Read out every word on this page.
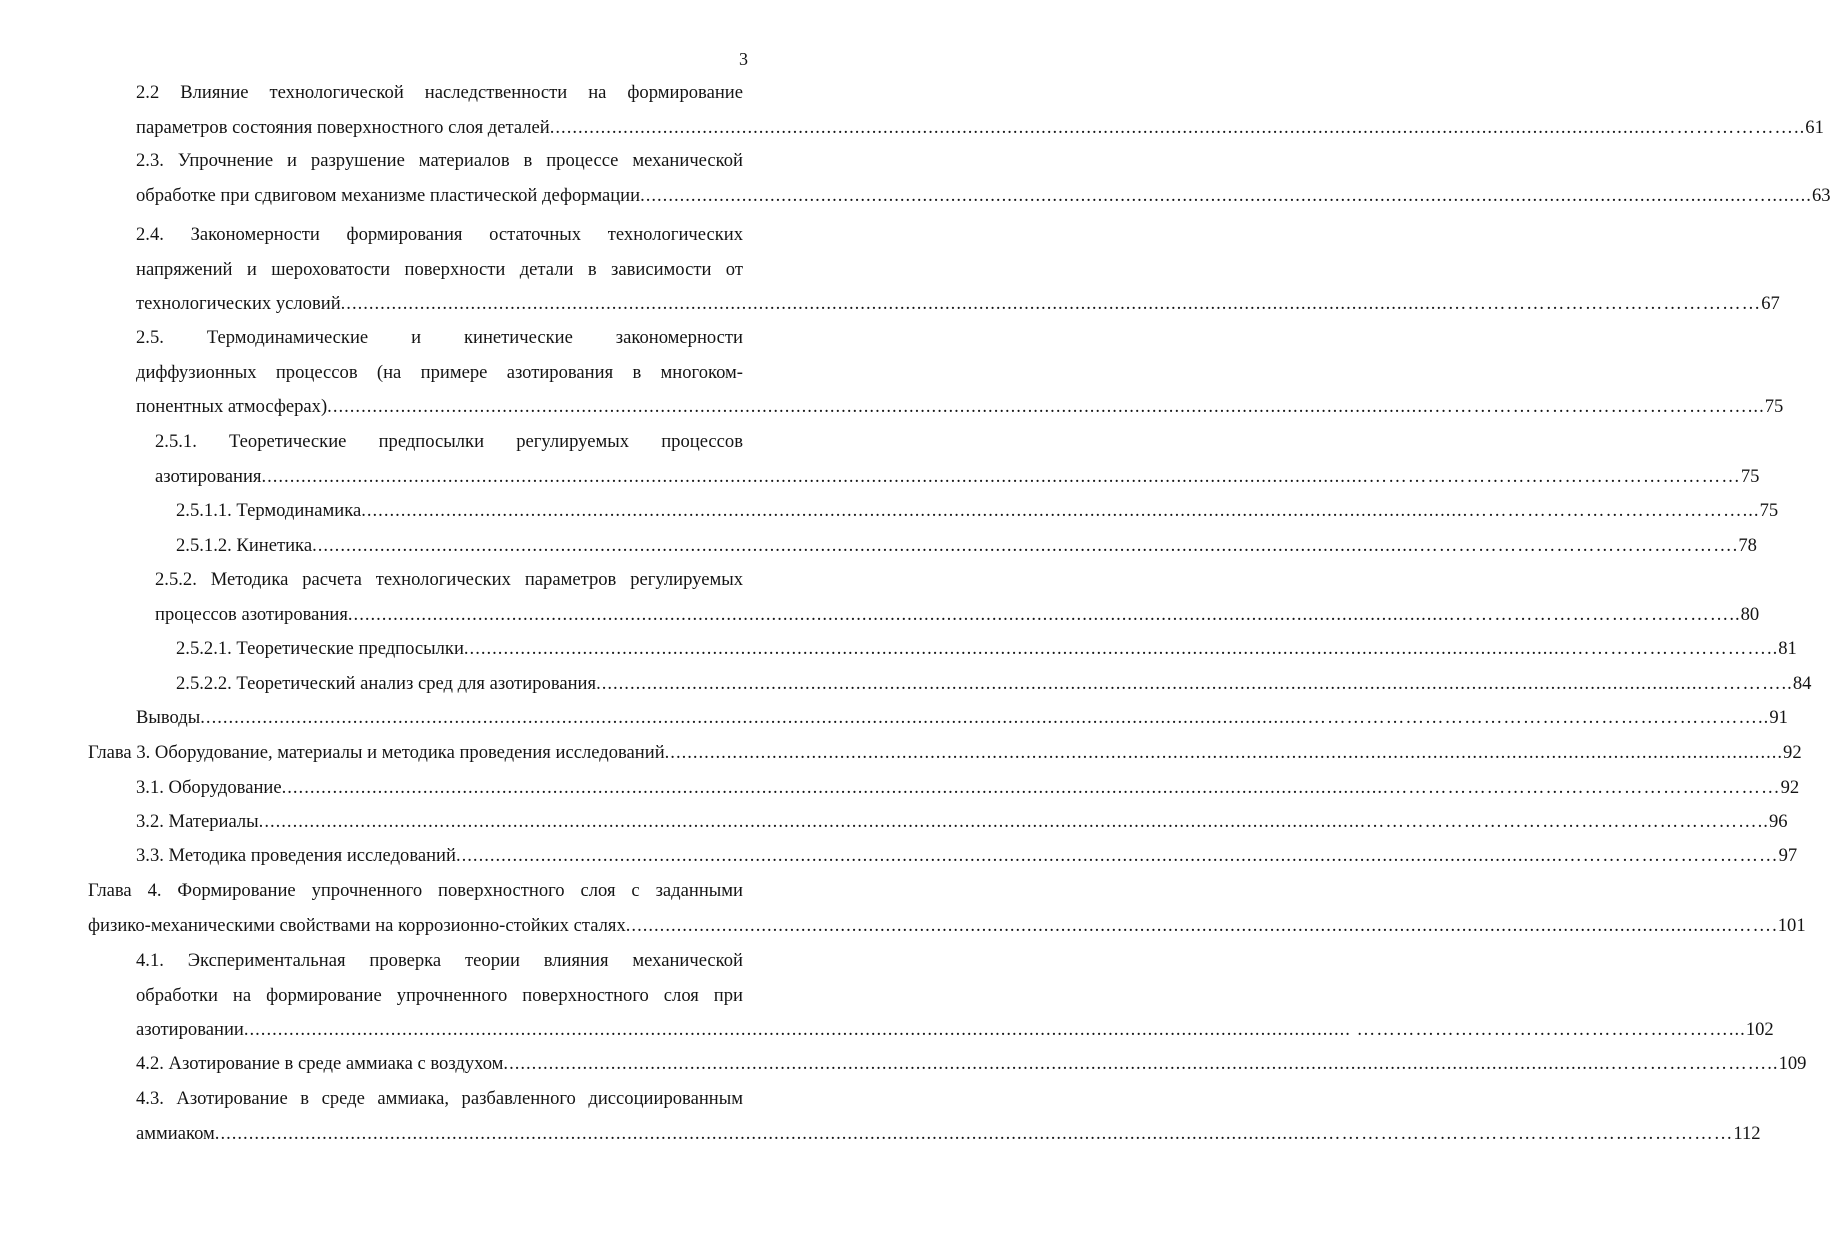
3
2.2 Влияние технологической наследственности на формирование
параметров состояния поверхностного слоя деталей	..... ………………….. 61
2.3. Упрочнение и разрушение материалов в процессе механической
обработке при сдвиговом механизме пластической деформации	..... …........ 63
2.4. Закономерности формирования остаточных технологических
напряжений и шероховатости поверхности детали в зависимости от
технологических условий	..... ………………………………………… 67
2.5. Термодинамические и кинетические закономерности
диффузионных процессов (на примере азотирования в многоком-
понентных атмосферах)	..... …………………………………………... 75
2.5.1. Теоретические предпосылки регулируемых процессов
азотирования	..... ………………………………………………… 75
2.5.1.1. Термодинамика	..... ……………………………………... 75
2.5.1.2. Кинетика	..... …………………………………………. 78
2.5.2. Методика расчета технологических параметров регулируемых
процессов азотирования	..... …………………………………….. 80
2.5.2.1. Теоретические предпосылки	..... ………………………….. 81
2.5.2.2. Теоретический анализ сред для азотирования	..... ………….. 84
Выводы	..... …………………………………………………………….. 91
Глава 3. Оборудование, материалы и методика проведения исследований	..... .. 92
3.1. Оборудование	..... …………………………………………………… 92
3.2. Материалы	..... …………………………………………………….. 96
3.3. Методика проведения исследований	..... …………………………… 97
Глава 4. Формирование упрочненного поверхностного слоя с заданными
физико-механическими свойствами на коррозионно-стойких сталях	..... ……. 101
4.1. Экспериментальная проверка теории влияния механической
обработки на формирование упрочненного поверхностного слоя при
азотировании	..... …………………………………………………... 102
4.2. Азотирование в среде аммиака с воздухом	..... …………………….. 109
4.3. Азотирование в среде аммиака, разбавленного диссоциированным
аммиаком	..... ……………………………………………………… 112
